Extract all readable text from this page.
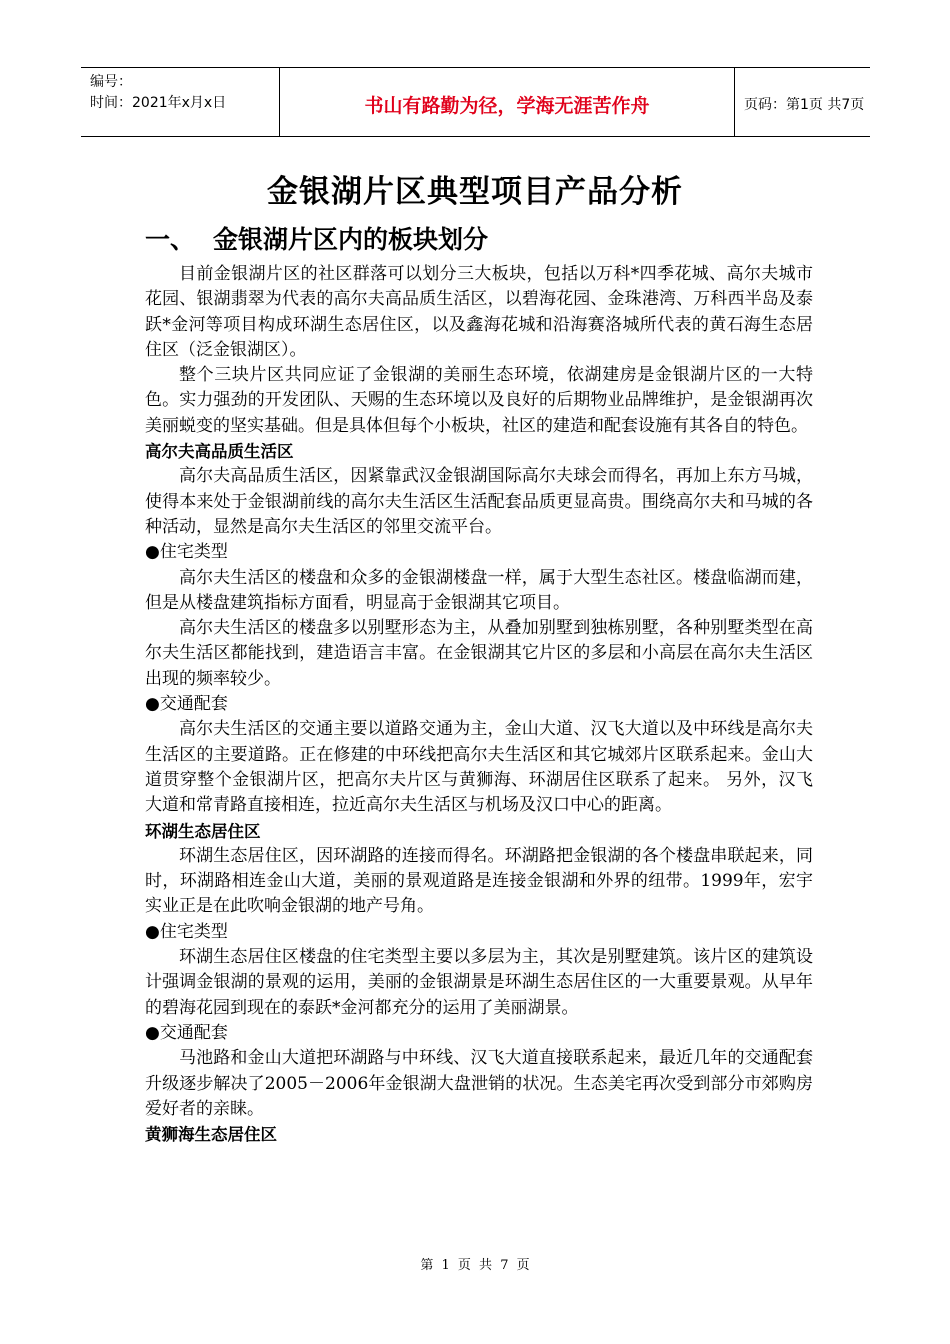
编号：
时间：2021年x月x日	书山有路勤为径，学海无涯苦作舟	页码：第1页 共7页
金银湖片区典型项目产品分析
一、 金银湖片区内的板块划分

目前金银湖片区的社区群落可以划分三大板块，包括以万科*四季花城、高尔夫城市花园、银湖翡翠为代表的高尔夫高品质生活区，以碧海花园、金珠港湾、万科西半岛及泰跃*金河等项目构成环湖生态居住区，以及鑫海花城和沿海赛洛城所代表的黄石海生态居住区（泛金银湖区）。

整个三块片区共同应证了金银湖的美丽生态环境，依湖建房是金银湖片区的一大特色。实力强劲的开发团队、天赐的生态环境以及良好的后期物业品牌维护，是金银湖再次美丽蜕变的坚实基础。但是具体但每个小板块，社区的建造和配套设施有其各自的特色。

高尔夫高品质生活区

高尔夫高品质生活区，因紧靠武汉金银湖国际高尔夫球会而得名，再加上东方马城，使得本来处于金银湖前线的高尔夫生活区生活配套品质更显高贵。围绕高尔夫和马城的各种活动，显然是高尔夫生活区的邻里交流平台。

●住宅类型

高尔夫生活区的楼盘和众多的金银湖楼盘一样，属于大型生态社区。楼盘临湖而建，但是从楼盘建筑指标方面看，明显高于金银湖其它项目。

高尔夫生活区的楼盘多以别墅形态为主，从叠加别墅到独栋别墅，各种别墅类型在高尔夫生活区都能找到，建造语言丰富。在金银湖其它片区的多层和小高层在高尔夫生活区出现的频率较少。

●交通配套

高尔夫生活区的交通主要以道路交通为主，金山大道、汉飞大道以及中环线是高尔夫生活区的主要道路。正在修建的中环线把高尔夫生活区和其它城郊片区联系起来。金山大道贯穿整个金银湖片区，把高尔夫片区与黄狮海、环湖居住区联系了起来。 另外，汉飞大道和常青路直接相连，拉近高尔夫生活区与机场及汉口中心的距离。

环湖生态居住区

环湖生态居住区，因环湖路的连接而得名。环湖路把金银湖的各个楼盘串联起来，同时，环湖路相连金山大道，美丽的景观道路是连接金银湖和外界的纽带。1999年，宏宇实业正是在此吹响金银湖的地产号角。

●住宅类型

环湖生态居住区楼盘的住宅类型主要以多层为主，其次是别墅建筑。该片区的建筑设计强调金银湖的景观的运用，美丽的金银湖景是环湖生态居住区的一大重要景观。从早年的碧海花园到现在的泰跃*金河都充分的运用了美丽湖景。

●交通配套

马池路和金山大道把环湖路与中环线、汉飞大道直接联系起来，最近几年的交通配套升级逐步解决了2005－2006年金银湖大盘泄销的状况。生态美宅再次受到部分市郊购房爱好者的亲睐。

黄狮海生态居住区
第 1 页 共 7 页
